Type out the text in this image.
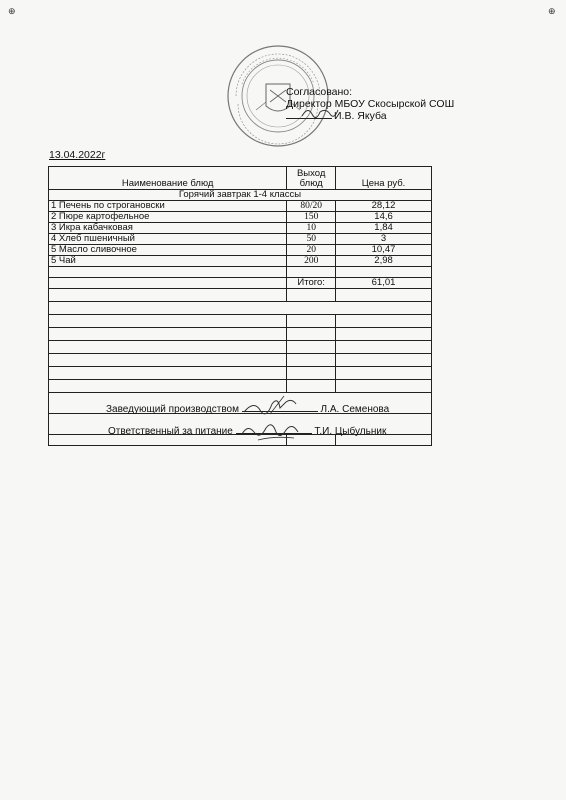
⊕	⊕
Согласовано:
Директор МБОУ Скосырской СОШ
И.В. Якуба
13.04.2022г
Наименование блюд	Выход блюд	Цена руб.
Горячий завтрак 1-4 классы		
1 Печень по строгановски	80/20	28,12
2 Пюре картофельное	150	14,6
3 Икра кабачковая	10	1,84
4 Хлеб пшеничный	50	3
5 Масло сливочное	20	10,47
5 Чай	200	2,98

	Итого:	61,01

Заведующий производством	Л.А. Семенова
Ответственный за питание	Т.И. Цыбульник
